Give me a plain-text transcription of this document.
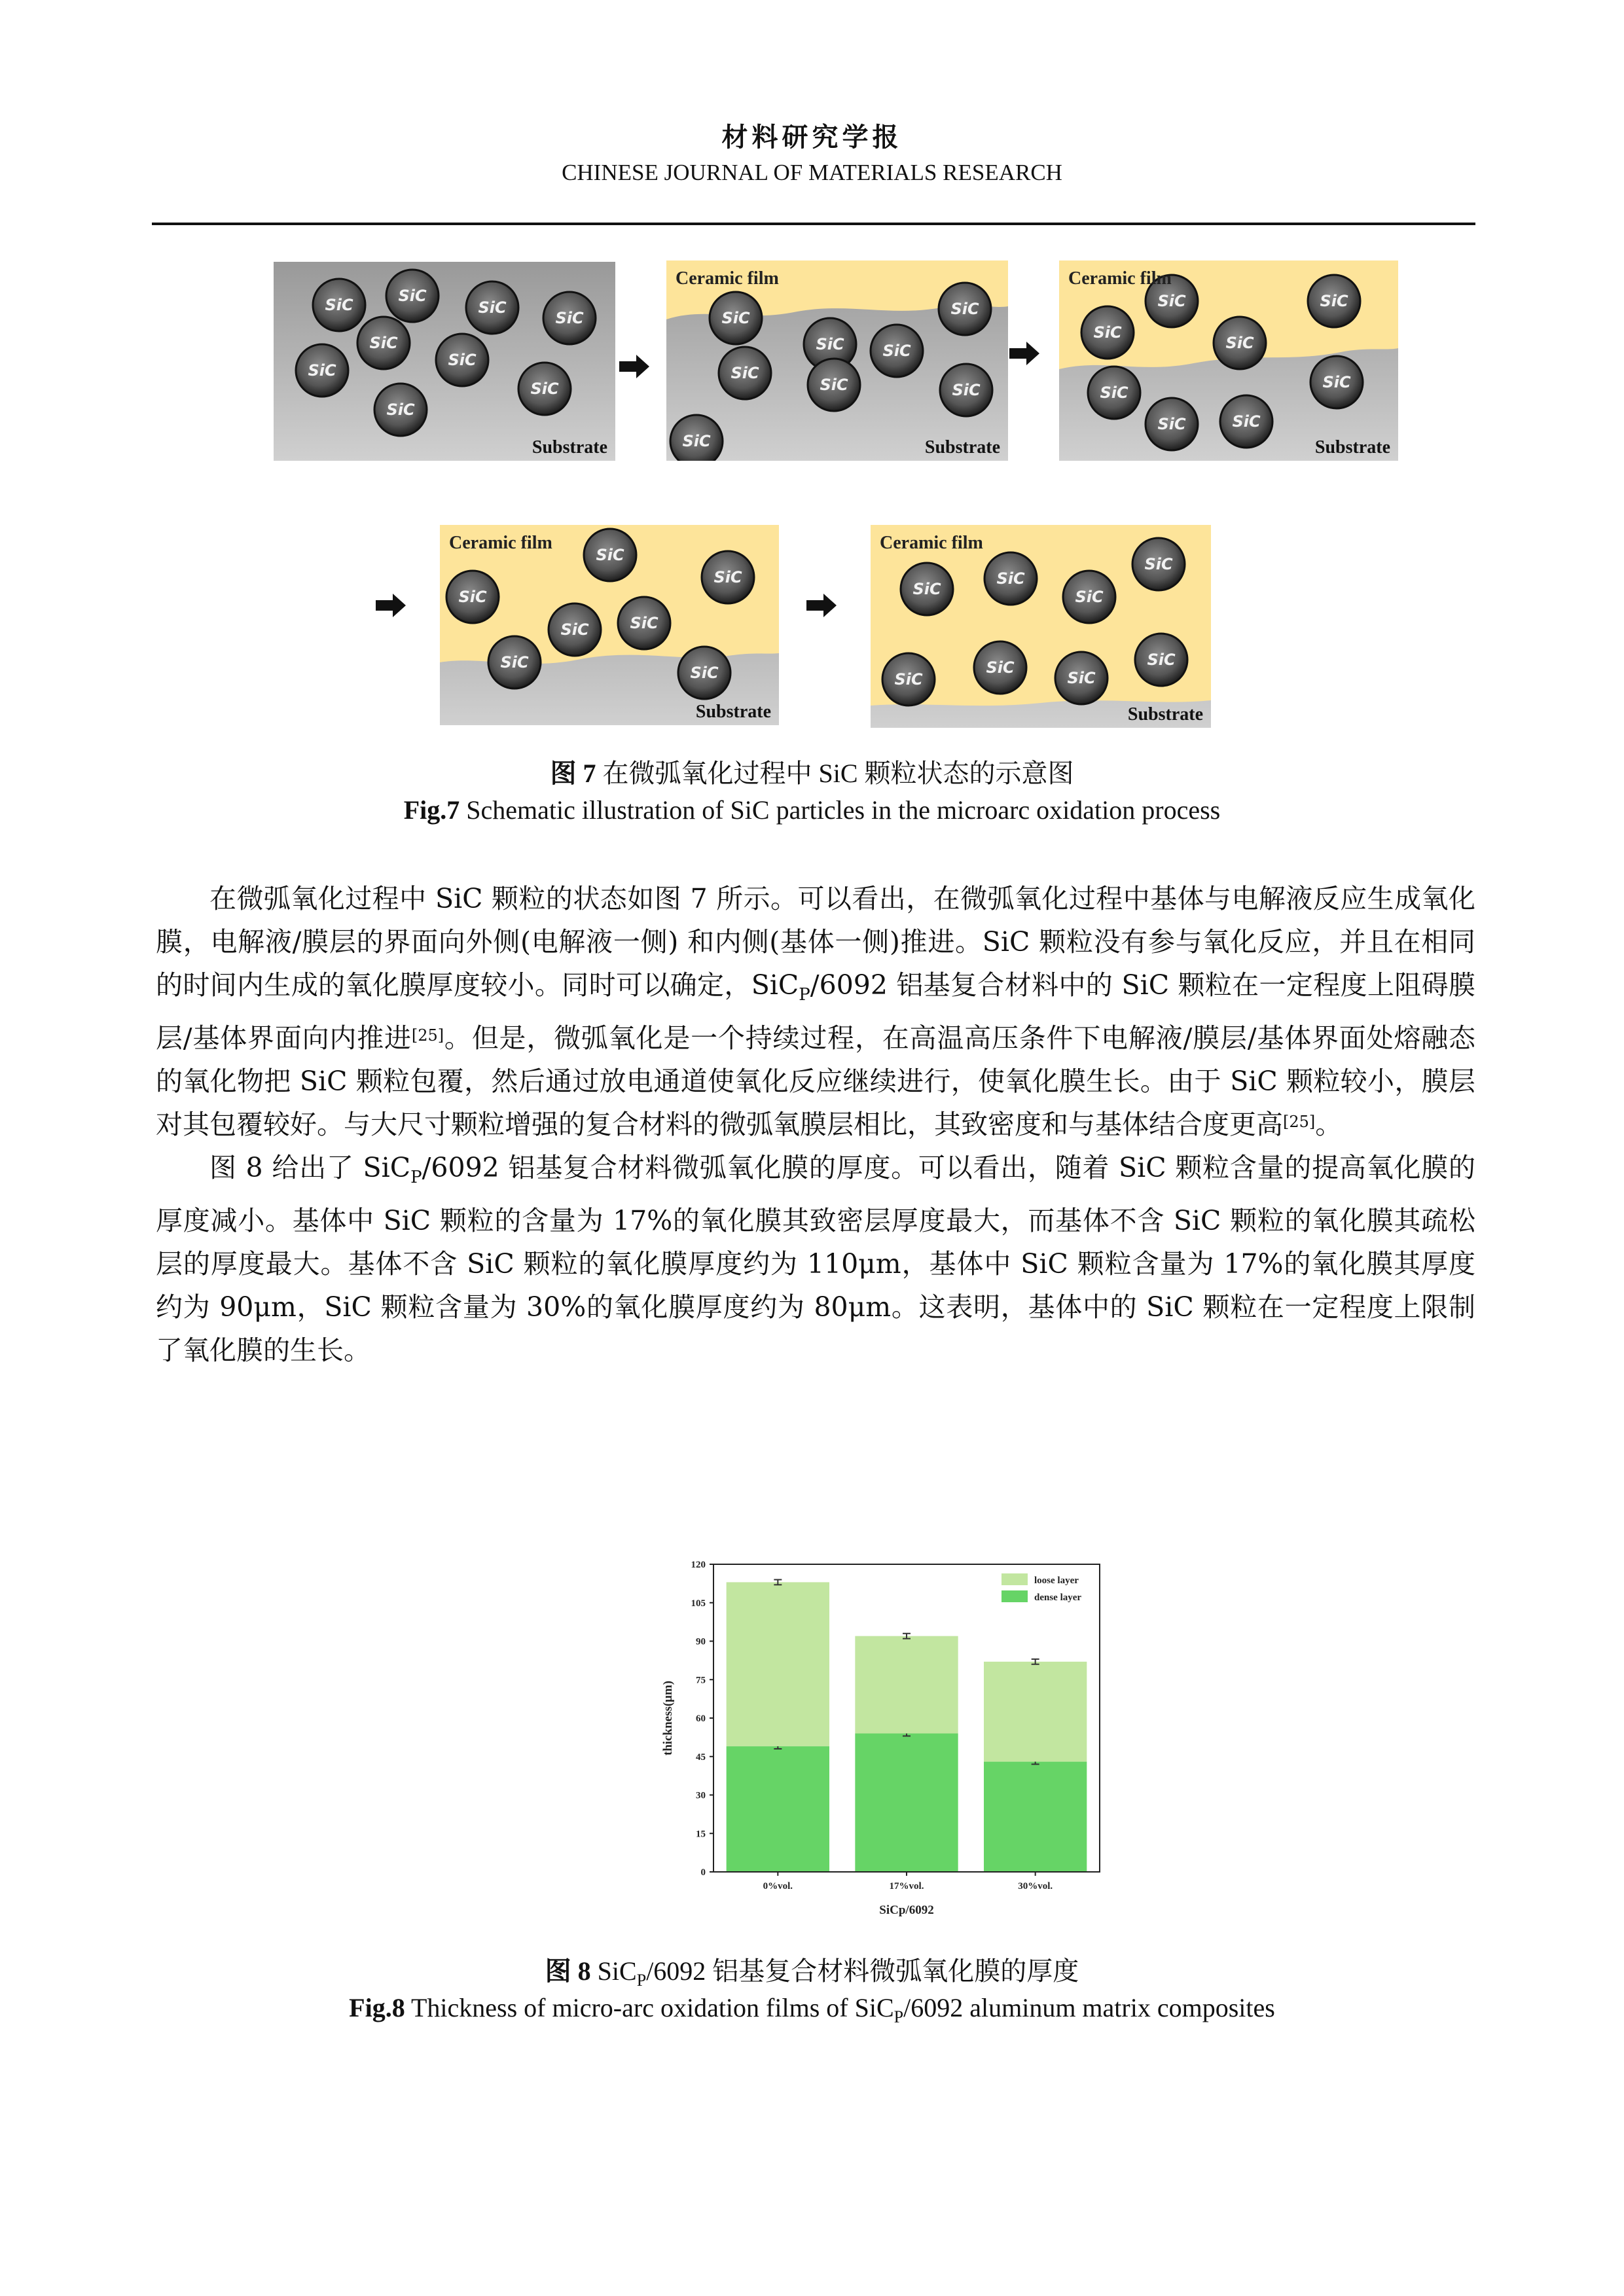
材料研究学报
CHINESE JOURNAL OF MATERIALS RESEARCH
SiC	SiC
SiC
SiC
SiC
SiC
SiC
SiC
SiC
Substrate
SiC
SiC SiC
SiC
SiC
SiC	SiC
SiC
Ceramic film
Substrate
SiC	SiC
SiC
SiC
SiC
SiC
SiC	SiC
Ceramic film
Substrate
SiC
SiC
SiC
SiC	SiC
SiC
SiC
Ceramic film
Substrate
SiC
SiC
SiC
SiC
SiC
SiC
SiC
SiC
Ceramic film
Substrate
图 7 在微弧氧化过程中 SiC 颗粒状态的示意图
Fig.7 Schematic illustration of SiC particles in the microarc oxidation process

在微弧氧化过程中 SiC 颗粒的状态如图 7 所示。可以看出，在微弧氧化过程中基体与电解液反应生成氧化膜，电解液/膜层的界面向外侧(电解液一侧) 和内侧(基体一侧)推进。SiC 颗粒没有参与氧化反应，并且在相同的时间内生成的氧化膜厚度较小。同时可以确定，SiC$_P$/6092 铝基复合材料中的 SiC 颗粒在一定程度上阻碍膜层/基体界面向内推进[25]。但是，微弧氧化是一个持续过程，在高温高压条件下电解液/膜层/基体界面处熔融态的氧化物把 SiC 颗粒包覆，然后通过放电通道使氧化反应继续进行，使氧化膜生长。由于 SiC 颗粒较小，膜层对其包覆较好。与大尺寸颗粒增强的复合材料的微弧氧膜层相比，其致密度和与基体结合度更高[25]。

图 8 给出了 SiC$_P$/6092 铝基复合材料微弧氧化膜的厚度。可以看出，随着 SiC 颗粒含量的提高氧化膜的厚度减小。基体中 SiC 颗粒的含量为 17%的氧化膜其致密层厚度最大，而基体不含 SiC 颗粒的氧化膜其疏松层的厚度最大。基体不含 SiC 颗粒的氧化膜厚度约为 110μm，基体中 SiC 颗粒含量为 17%的氧化膜其厚度约为 90μm，SiC 颗粒含量为 30%的氧化膜厚度约为 80μm。这表明，基体中的 SiC 颗粒在一定程度上限制了氧化膜的生长。

0%vol.	17%vol.	30%vol.
0
15
30
45
60
75
90
105
120
thickness(μm)
SiCp/6092
loose layer
dense layer
图 8 SiC$_P$/6092 铝基复合材料微弧氧化膜的厚度
Fig.8 Thickness of micro-arc oxidation films of SiC$_P$/6092 aluminum matrix composites
